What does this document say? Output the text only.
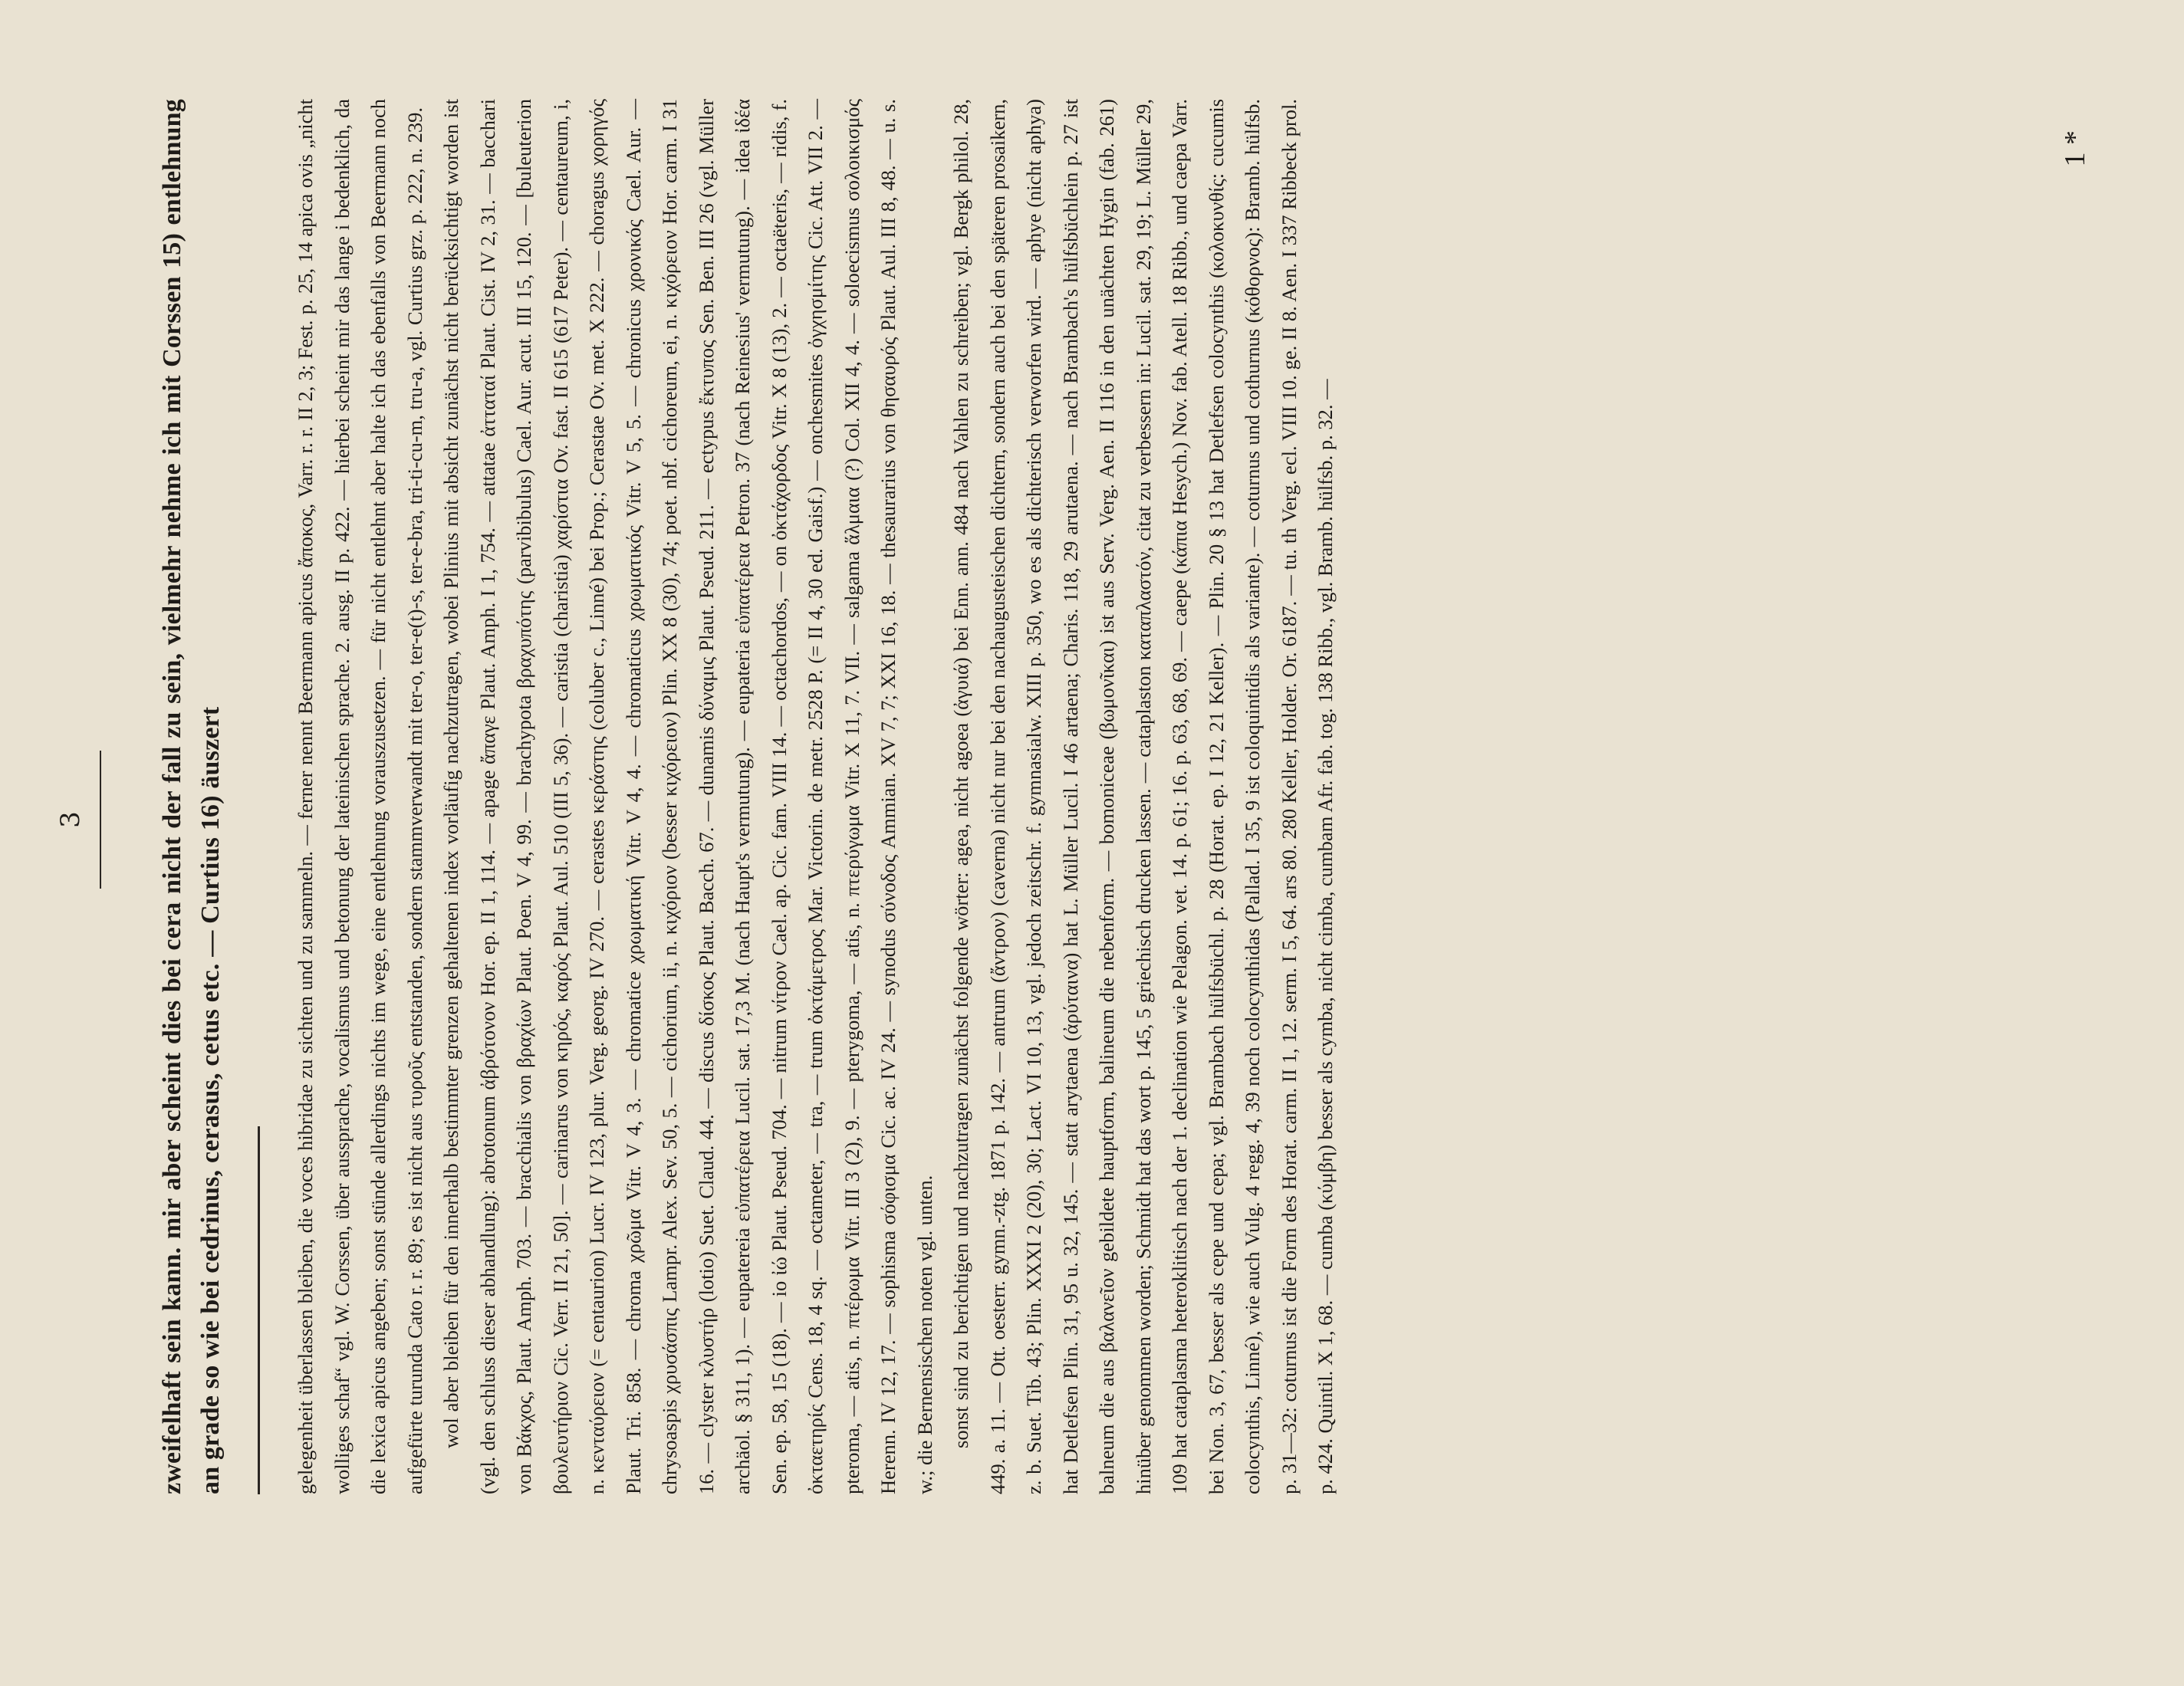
3	zweifelhaft sein kann. mir aber scheint dies bei cera nicht der fall zu sein, vielmehr nehme ich mit Corssen 15) entlehnung an grade so wie bei cedrinus, cerasus, cetus etc. — Curtius 16) äuszert	gelegenheit überlassen bleiben, die voces hibridae zu sichten und zu sammeln. — ferner nennt Beermann apicus ἄποκος, Varr. r. r. II 2, 3; Fest. p. 25, 14 apica ovis „nicht wolliges schaf“ vgl. W. Corssen, über aussprache, vocalismus und betonung der lateinischen sprache. 2. ausg. II p. 422. — hierbei scheint mir das lange i bedenklich, da die lexica apicus angeben; sonst stünde allerdings nichts im wege, eine entlehnung vorauszusetzen. — für nicht entlehnt aber halte ich das ebenfalls von Beermann noch aufgefürte turunda Cato r. r. 89; es ist nicht aus τυροῦς entstanden, sondern stammverwandt mit ter-o, ter-e(t)-s, ter-e-bra, tri-ti-cu-m, tru-a, vgl. Curtius grz. p. 222, n. 239. wol aber bleiben für den innerhalb bestimmter grenzen gehaltenen index vorläufig nachzutragen, wobei Plinius mit absicht zunächst nicht berücksichtigt worden ist (vgl. den schluss dieser abhandlung): abrotonum ἀβρότονον Hor. ep. II 1, 114. — apage ἄπαγε Plaut. Amph. I 1, 754. — attatae ἀτταταί Plaut. Cist. IV 2, 31. — bacchari von Βάκχος, Plaut. Amph. 703. — bracchialis von βραχίων Plaut. Poen. V 4, 99. — brachypota βραχυπότης (parvibibulus) Cael. Aur. acut. III 15, 120. — [buleuterion βουλευτήριον Cic. Verr. II 21, 50]. — carinarus von κηρός, καρός Plaut. Aul. 510 (III 5, 36). — caristia (charistia) χαρίστια Ov. fast. II 615 (617 Peter). — centaureum, i, n. κενταύρειον (= centaurion) Lucr. IV 123, plur. Verg. georg. IV 270. — cerastes κεράστης (coluber c., Linné) bei Prop.; Cerastae Ov. met. X 222. — choragus χορηγός Plaut. Tri. 858. — chroma χρῶμα Vitr. V 4, 3. — chromatice χρωματική Vitr. V 4, 4. — chromaticus χρωματικός Vitr. V 5, 5. — chronicus χρονικός Cael. Aur. — chrysoaspis χρυσάσπις Lampr. Alex. Sev. 50, 5. — cichorium, ii, n. κιχόριον (besser κιχόρειον) Plin. XX 8 (30), 74; poet. nbf. cichoreum, ei, n. κιχόρειον Hor. carm. I 31 16. — clyster κλυστήρ (lotio) Suet. Claud. 44. — discus δίσκος Plaut. Bacch. 67. — dunamis δύναμις Plaut. Pseud. 211. — ectypus ἔκτυπος Sen. Ben. III 26 (vgl. Müller archäol. § 311, 1). — eupatereia εὐπατέρεια Lucil. sat. 17,3 M. (nach Haupt's vermutung). — eupateria εὐπατέρεια Petron. 37 (nach Reinesius' vermutung). — idea ἰδέα Sen. ep. 58, 15 (18). — io ἰώ Plaut. Pseud. 704. — nitrum νίτρον Cael. ap. Cic. fam. VIII 14. — octachordos, — on ὀκτάχορδος Vitr. X 8 (13), 2. — octaëteris, — ridis, f. ὀκταετηρίς Cens. 18, 4 sq. — octameter, — tra, — trum ὀκτάμετρος Mar. Victorin. de metr. 2528 P. (= II 4, 30 ed. Gaisf.) — onchesmites ὀγχησμίτης Cic. Att. VII 2. — pteroma, — atis, n. πτέρωμα Vitr. III 3 (2), 9. — pterygoma, — atis, n. πτερύγωμα Vitr. X 11, 7. VII. — salgama ἅλμαια (?) Col. XII 4, 4. — soloecismus σολοικισμός Herenn. IV 12, 17. — sophisma σόφισμα Cic. ac. IV 24. — synodus σύνοδος Ammian. XV 7, 7; XXI 16, 18. — thesaurarius von θησαυρός Plaut. Aul. III 8, 48. — u. s. w.; die Bernensischen noten vgl. unten. sonst sind zu berichtigen und nachzutragen zunächst folgende wörter: agea, nicht agoea (ἀγυιά) bei Enn. ann. 484 nach Vahlen zu schreiben; vgl. Bergk philol. 28, 449. a. 11. — Ott. oesterr. gymn.-ztg. 1871 p. 142. — antrum (ἄντρον) (caverna) nicht nur bei den nachaugusteischen dichtern, sondern auch bei den späteren prosaikern, z. b. Suet. Tib. 43; Plin. XXXI 2 (20), 30; Lact. VI 10, 13, vgl. jedoch zeitschr. f. gymnasialw. XIII p. 350, wo es als dichterisch verworfen wird. — aphye (nicht aphya) hat Detlefsen Plin. 31, 95 u. 32, 145. — statt arytaena (ἀρύταινα) hat L. Müller Lucil. I 46 artaena; Charis. 118, 29 arutaena. — nach Brambach's hülfsbüchlein p. 27 ist balneum die aus βαλανεῖον gebildete hauptform, balineum die nebenform. — bomoniceae (βωμονῖκαι) ist aus Serv. Verg. Aen. II 116 in den unächten Hygin (fab. 261) hinüber genommen worden; Schmidt hat das wort p. 145, 5 griechisch drucken lassen. — cataplaston καταπλαστόν, citat zu verbessern in: Lucil. sat. 29, 19; L. Müller 29, 109 hat cataplasma heteroklitisch nach der 1. declination wie Pelagon. vet. 14. p. 61; 16. p. 63, 68, 69. — caepe (κάπια Hesych.) Nov. fab. Atell. 18 Ribb., und caepa Varr. bei Non. 3, 67, besser als cepe und cepa; vgl. Brambach hülfsbüchl. p. 28 (Horat. ep. I 12, 21 Keller). — Plin. 20 § 13 hat Detlefsen colocynthis (κολοκυνθίς: cucumis colocynthis, Linné), wie auch Vulg. 4 regg. 4, 39 noch colocynthidas (Pallad. I 35, 9 ist coloquintidis als variante). — coturnus und cothurnus (κόθορνος): Bramb. hülfsb. p. 31—32: coturnus ist die Form des Horat. carm. II 1, 12. serm. I 5, 64. ars 80. 280 Keller, Holder. Or. 6187. — tu. th Verg. ecl. VIII 10. ge. II 8. Aen. I 337 Ribbeck prol. p. 424. Quintil. X 1, 68. — cumba (κύμβη) besser als cymba, nicht cimba, cumbam Afr. fab. tog. 138 Ribb., vgl. Bramb. hülfsb. p. 32. —

1 *
